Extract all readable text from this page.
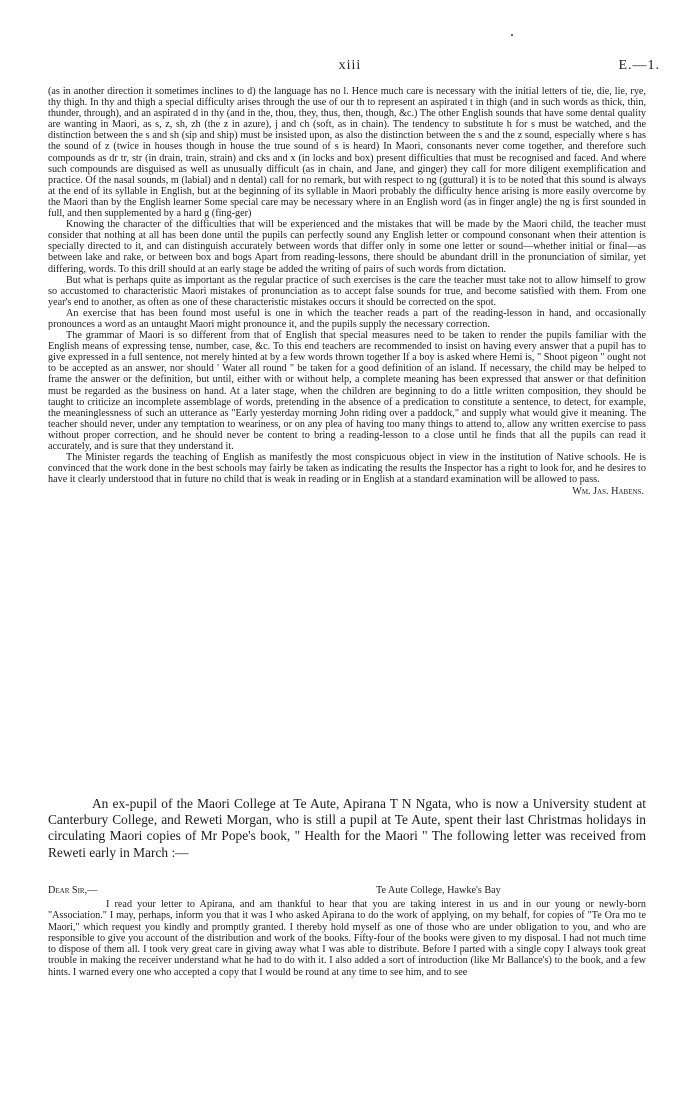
xiii	E.—1.

(as in another direction it sometimes inclines to d) the language has no l. Hence much care is necessary with the initial letters of tie, die, lie, rye, thy thigh. In thy and thigh a special difficulty arises through the use of our th to represent an aspirated t in thigh (and in such words as thick, thin, thunder, through), and an aspirated d in thy (and in the, thou, they, thus, then, though, &c.) The other English sounds that have some dental quality are wanting in Maori, as s, z, sh, zh (the z in azure), j and ch (soft, as in chain). The tendency to substitute h for s must be watched, and the distinction between the s and sh (sip and ship) must be insisted upon, as also the distinction between the s and the z sound, especially where s has the sound of z (twice in houses though in house the true sound of s is heard) In Maori, consonants never come together, and therefore such compounds as dr tr, str (in drain, train, strain) and cks and x (in locks and box) present difficulties that must be recognised and faced. And where such compounds are disguised as well as unusually difficult (as in chain, and Jane, and ginger) they call for more diligent exemplification and practice. Of the nasal sounds, m (labial) and n dental) call for no remark, but with respect to ng (guttural) it is to be noted that this sound is always at the end of its syllable in English, but at the beginning of its syllable in Maori probably the difficulty hence arising is more easily overcome by the Maori than by the English learner Some special care may be necessary where in an English word (as in finger angle) the ng is first sounded in full, and then supplemented by a hard g (fing-ger)

Knowing the character of the difficulties that will be experienced and the mistakes that will be made by the Maori child, the teacher must consider that nothing at all has been done until the pupils can perfectly sound any English letter or compound consonant when their attention is specially directed to it, and can distinguish accurately between words that differ only in some one letter or sound—whether initial or final—as between lake and rake, or between box and bogs Apart from reading-lessons, there should be abundant drill in the pronunciation of similar, yet differing, words. To this drill should at an early stage be added the writing of pairs of such words from dictation.

But what is perhaps quite as important as the regular practice of such exercises is the care the teacher must take not to allow himself to grow so accustomed to characteristic Maori mistakes of pronunciation as to accept false sounds for true, and become satisfied with them. From one year's end to another, as often as one of these characteristic mistakes occurs it should be corrected on the spot.

An exercise that has been found most useful is one in which the teacher reads a part of the reading-lesson in hand, and occasionally pronounces a word as an untaught Maori might pronounce it, and the pupils supply the necessary correction.

The grammar of Maori is so different from that of English that special measures need to be taken to render the pupils familiar with the English means of expressing tense, number, case, &c. To this end teachers are recommended to insist on having every answer that a pupil has to give expressed in a full sentence, not merely hinted at by a few words thrown together If a boy is asked where Hemi is, " Shoot pigeon " ought not to be accepted as an answer, nor should ' Water all round " be taken for a good definition of an island. If necessary, the child may be helped to frame the answer or the definition, but until, either with or without help, a complete meaning has been expressed that answer or that definition must be regarded as the business on hand. At a later stage, when the children are beginning to do a little written composition, they should be taught to criticize an incomplete assemblage of words, pretending in the absence of a predication to constitute a sentence, to detect, for example, the meaninglessness of such an utterance as "Early yesterday morning John riding over a paddock," and supply what would give it meaning. The teacher should never, under any temptation to weariness, or on any plea of having too many things to attend to, allow any written exercise to pass without proper correction, and he should never be content to bring a reading-lesson to a close until he finds that all the pupils can read it accurately, and is sure that they understand it.

The Minister regards the teaching of English as manifestly the most conspicuous object in view in the institution of Native schools. He is convinced that the work done in the best schools may fairly be taken as indicating the results the Inspector has a right to look for, and he desires to have it clearly understood that in future no child that is weak in reading or in English at a standard examination will be allowed to pass.

Wm. Jas. Habens.

An ex-pupil of the Maori College at Te Aute, Apirana T N Ngata, who is now a University student at Canterbury College, and Reweti Morgan, who is still a pupil at Te Aute, spent their last Christmas holidays in circulating Maori copies of Mr Pope's book, " Health for the Maori " The following letter was received from Reweti early in March :—

Dear Sir,—	Te Aute College, Hawke's Bay

I read your letter to Apirana, and am thankful to hear that you are taking interest in us and in our young or newly-born "Association." I may, perhaps, inform you that it was I who asked Apirana to do the work of applying, on my behalf, for copies of "Te Ora mo te Maori," which request you kindly and promptly granted. I thereby hold myself as one of those who are under obligation to you, and who are responsible to give you account of the distribution and work of the books. Fifty-four of the books were given to my disposal. I had not much time to dispose of them all. I took very great care in giving away what I was able to distribute. Before I parted with a single copy I always took great trouble in making the receiver understand what he had to do with it. I also added a sort of introduction (like Mr Ballance's) to the book, and a few hints. I warned every one who accepted a copy that I would be round at any time to see him, and to see
